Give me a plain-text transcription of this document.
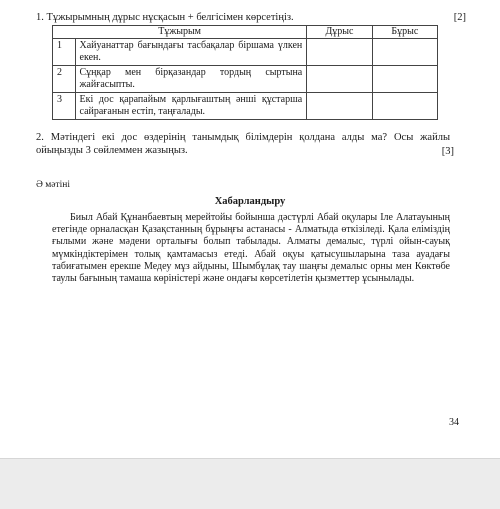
1. Тұжырымның дұрыс нұсқасын + белгісімен көрсетіңіз.	[2]
Тұжырым		Дұрыс	Бұрыс
1	Хайуанаттар бағындағы тасбақалар біршама үлкен екен.		
2	Сұңқар мен бірқазандар тордың сыртына жайғасыпты.		
3	Екі дос қарапайым қарлығаштың әнші құстарша сайрағанын естіп, таңғалады.		
2. Мәтіндегі екі дос өздерінің танымдық білімдерін қолдана алды ма? Осы жайлы ойыңызды 3 сөйлеммен жазыңыз.	[3]
Ә мәтіні
Хабарландыру

Биыл Абай Құнанбаевтың мерейтойы бойынша дәстүрлі Абай оқулары Іле Алатауының етегінде орналасқан Қазақстанның бұрыңғы астанасы - Алматыда өткізіледі. Қала еліміздің ғылыми және мәдени орталығы болып табылады. Алматы демалыс, түрлі ойын-сауық мүмкіндіктерімен толық қамтамасыз етеді. Абай оқуы қатысушыларына таза ауадағы табиғатымен ерекше Медеу мұз айдыны, Шымбұлақ тау шаңғы демалыс орны мен Көктөбе таулы бағының тамаша көріністері және ондағы көрсетілетін қызметтер ұсынылады.

34
